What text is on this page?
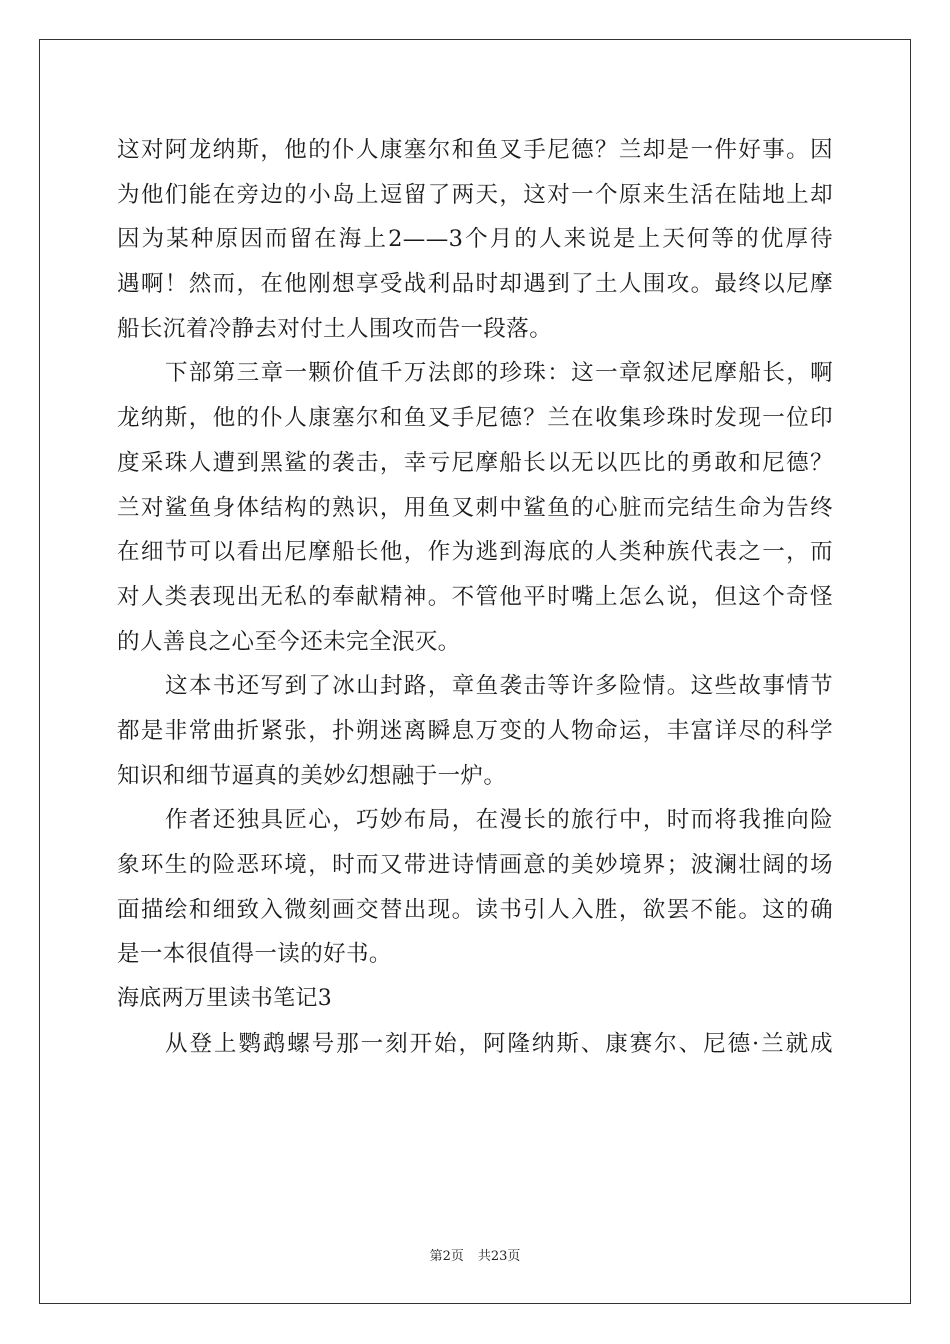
这对阿龙纳斯，他的仆人康塞尔和鱼叉手尼德？兰却是一件好事。因
为他们能在旁边的小岛上逗留了两天，这对一个原来生活在陆地上却
因为某种原因而留在海上2——3个月的人来说是上天何等的优厚待
遇啊！然而，在他刚想享受战利品时却遇到了土人围攻。最终以尼摩
船长沉着冷静去对付土人围攻而告一段落。
下部第三章一颗价值千万法郎的珍珠：这一章叙述尼摩船长，啊
龙纳斯，他的仆人康塞尔和鱼叉手尼德？兰在收集珍珠时发现一位印
度采珠人遭到黑鲨的袭击，幸亏尼摩船长以无以匹比的勇敢和尼德？
兰对鲨鱼身体结构的熟识，用鱼叉刺中鲨鱼的心脏而完结生命为告终
在细节可以看出尼摩船长他，作为逃到海底的人类种族代表之一，而
对人类表现出无私的奉献精神。不管他平时嘴上怎么说，但这个奇怪
的人善良之心至今还未完全泯灭。
这本书还写到了冰山封路，章鱼袭击等许多险情。这些故事情节
都是非常曲折紧张，扑朔迷离瞬息万变的人物命运，丰富详尽的科学
知识和细节逼真的美妙幻想融于一炉。
作者还独具匠心，巧妙布局，在漫长的旅行中，时而将我推向险
象环生的险恶环境，时而又带进诗情画意的美妙境界；波澜壮阔的场
面描绘和细致入微刻画交替出现。读书引人入胜，欲罢不能。这的确
是一本很值得一读的好书。
海底两万里读书笔记3
从登上鹦鹉螺号那一刻开始，阿隆纳斯、康赛尔、尼德·兰就成
第2页 共23页
